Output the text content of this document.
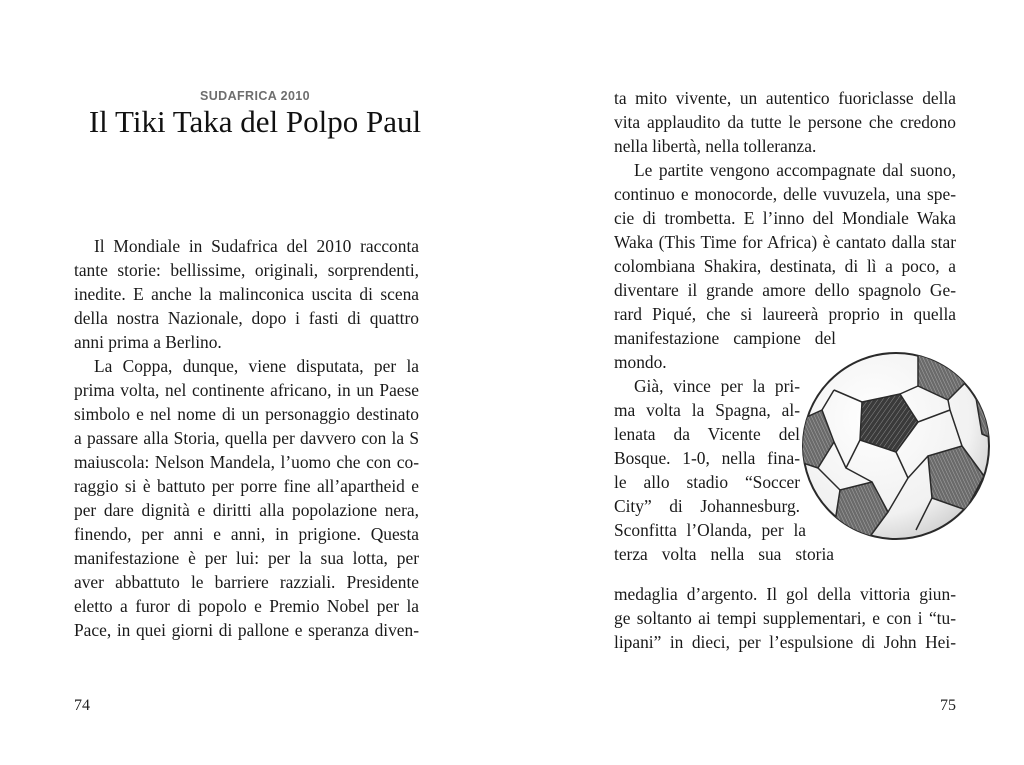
SUDAFRICA 2010
Il Tiki Taka del Polpo Paul
Il Mondiale in Sudafrica del 2010 racconta
tante storie: bellissime, originali, sorprendenti,
inedite. E anche la malinconica uscita di scena
della nostra Nazionale, dopo i fasti di quattro
anni prima a Berlino.
La Coppa, dunque, viene disputata, per la
prima volta, nel continente africano, in un Paese
simbolo e nel nome di un personaggio destinato
a passare alla Storia, quella per davvero con la S
maiuscola: Nelson Mandela, l’uomo che con co-
raggio si è battuto per porre fine all’apartheid e
per dare dignità e diritti alla popolazione nera,
finendo, per anni e anni, in prigione. Questa
manifestazione è per lui: per la sua lotta, per
aver abbattuto le barriere razziali. Presidente
eletto a furor di popolo e Premio Nobel per la
Pace, in quei giorni di pallone e speranza diven-
ta mito vivente, un autentico fuoriclasse della
vita applaudito da tutte le persone che credono
nella libertà, nella tolleranza.
Le partite vengono accompagnate dal suono,
continuo e monocorde, delle vuvuzela, una spe-
cie di trombetta. E l’inno del Mondiale Waka
Waka (This Time for Africa) è cantato dalla star
colombiana Shakira, destinata, di lì a poco, a
diventare il grande amore dello spagnolo Ge-
rard Piqué, che si laureerà proprio in quella
manifestazione campione del
mondo.
Già, vince per la pri-
ma volta la Spagna, al-
lenata da Vicente del
Bosque. 1-0, nella fina-
le allo stadio “Soccer
City” di Johannesburg.
Sconfitta l’Olanda, per la
terza volta nella sua storia
medaglia d’argento. Il gol della vittoria giun-
ge soltanto ai tempi supplementari, e con i “tu-
lipani” in dieci, per l’espulsione di John Hei-
74	75
